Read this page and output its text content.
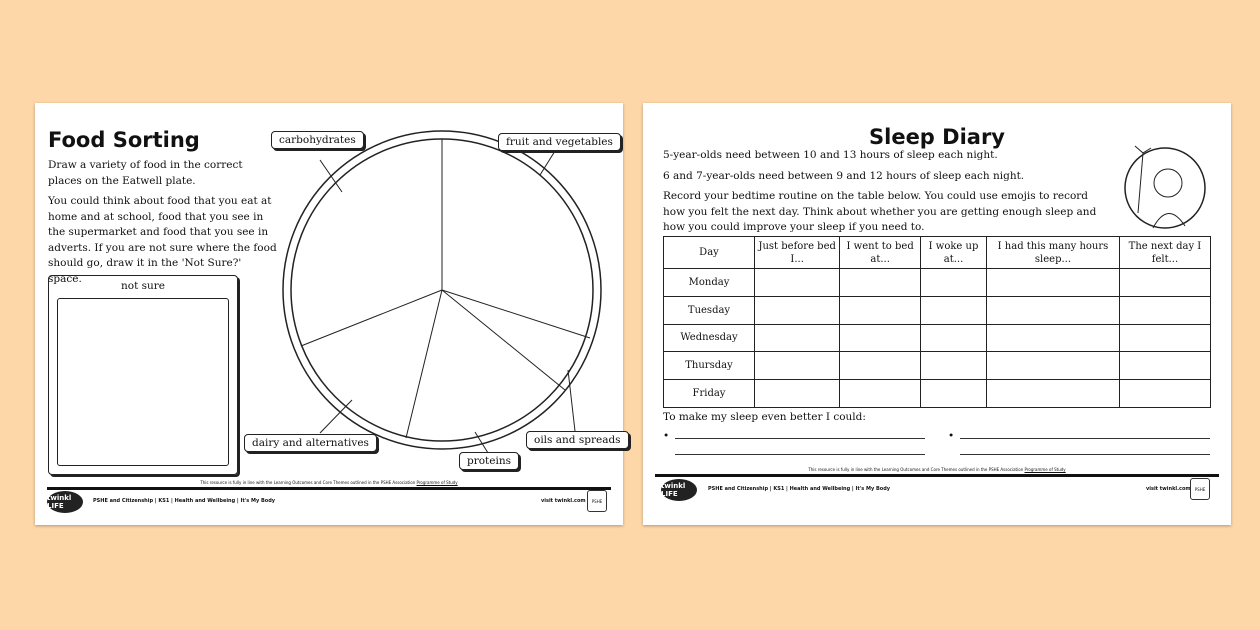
Food Sorting
Draw a variety of food in the correct places on the Eatwell plate.
You could think about food that you eat at home and at school, food that you see in the supermarket and food that you see in adverts. If you are not sure where the food should go, draw it in the 'Not Sure?' space.
not sure
carbohydrates	fruit and vegetables
dairy and alternatives
proteins
oils and spreads
This resource is fully in line with the Learning Outcomes and Core Themes outlined in the PSHE Association Programme of Study
twinkl LIFE
PSHE and Citizenship | KS1 | Health and Wellbeing | It's My Body	visit twinkl.com	PSHE
Sleep Diary
5-year-olds need between 10 and 13 hours of sleep each night.
6 and 7-year-olds need between 9 and 12 hours of sleep each night.
Record your bedtime routine on the table below. You could use emojis to record how you felt the next day. Think about whether you are getting enough sleep and how you could improve your sleep if you need to.
Day	Just before bed I...	I went to bed at...	I woke up at...	I had this many hours sleep...	The next day I felt...
Monday					
Tuesday					
Wednesday					
Thursday					
Friday					
To make my sleep even better I could:
•	•
This resource is fully in line with the Learning Outcomes and Core Themes outlined in the PSHE Association Programme of Study
twinkl LIFE
PSHE and Citizenship | KS1 | Health and Wellbeing | It's My Body	visit twinkl.com	PSHE
